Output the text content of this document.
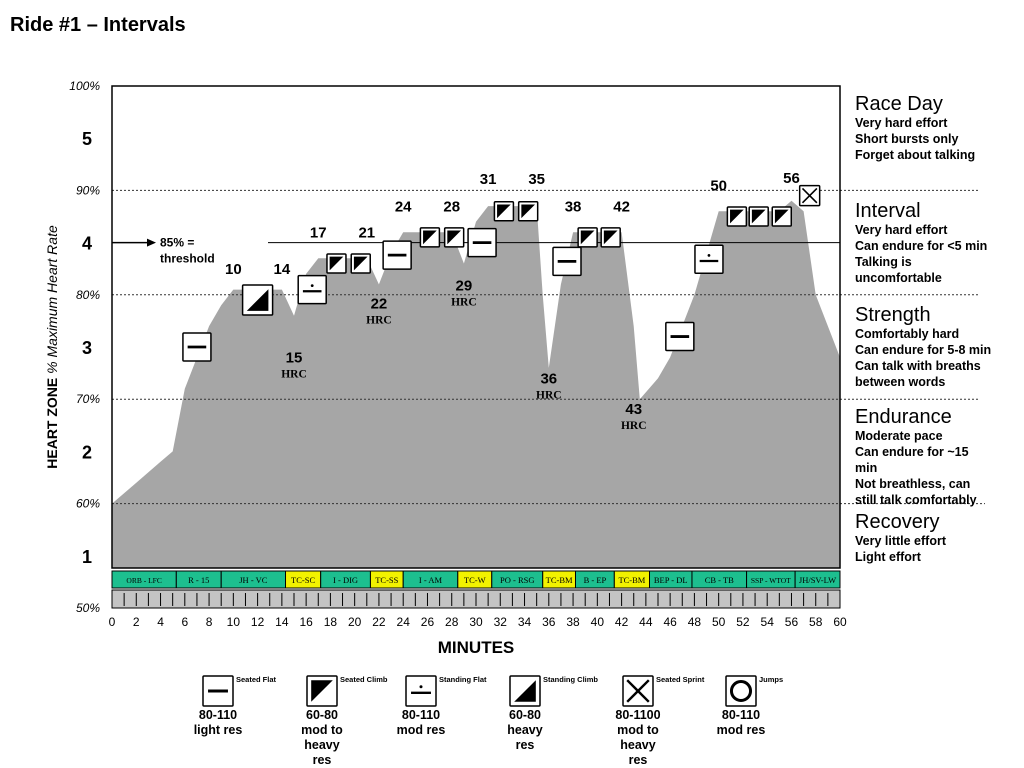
Ride #1 – Intervals
100%
90%
80%
70%
60%
50%
5
4
3
2
1
HEART ZONE % Maximum Heart Rate	85% =
threshold
10 14
15
HRC
17 21
22
HRC
24 28
29
HRC
31 35
36
HRC
38 42
43
HRC
50	56
ORB - LFC	R - 15	JH - VC	TC-SC I - DIG TC-SS I - AM	TC-W PO - RSG TC-BM B - EP TC-BM BEP - DL CB - TB SSP - WTOT JH/SV-LW
0 2 4 6 8 10 12 14 16 18 20 22 24 26 28 30 32 34 36 38 40 42 44 46 48 50 52 54 56 58 60
MINUTES
Race Day
Very hard effort
Short bursts only
Forget about talking
Interval
Very hard effort
Can endure for <5 min
Talking is
uncomfortable
Strength
Comfortably hard
Can endure for 5-8 min
Can talk with breaths
between words
Endurance
Moderate pace
Can endure for ~15
min
Not breathless, can
still talk comfortably
Recovery
Very little effort
Light effort
Seated Flat
80-110
light res
Seated Climb
60-80
mod to
heavy
res
Standing Flat
80-110
mod res
Standing Climb
60-80
heavy
res
Seated Sprint
80-1100
mod to
heavy
res
Jumps
80-110
mod res
